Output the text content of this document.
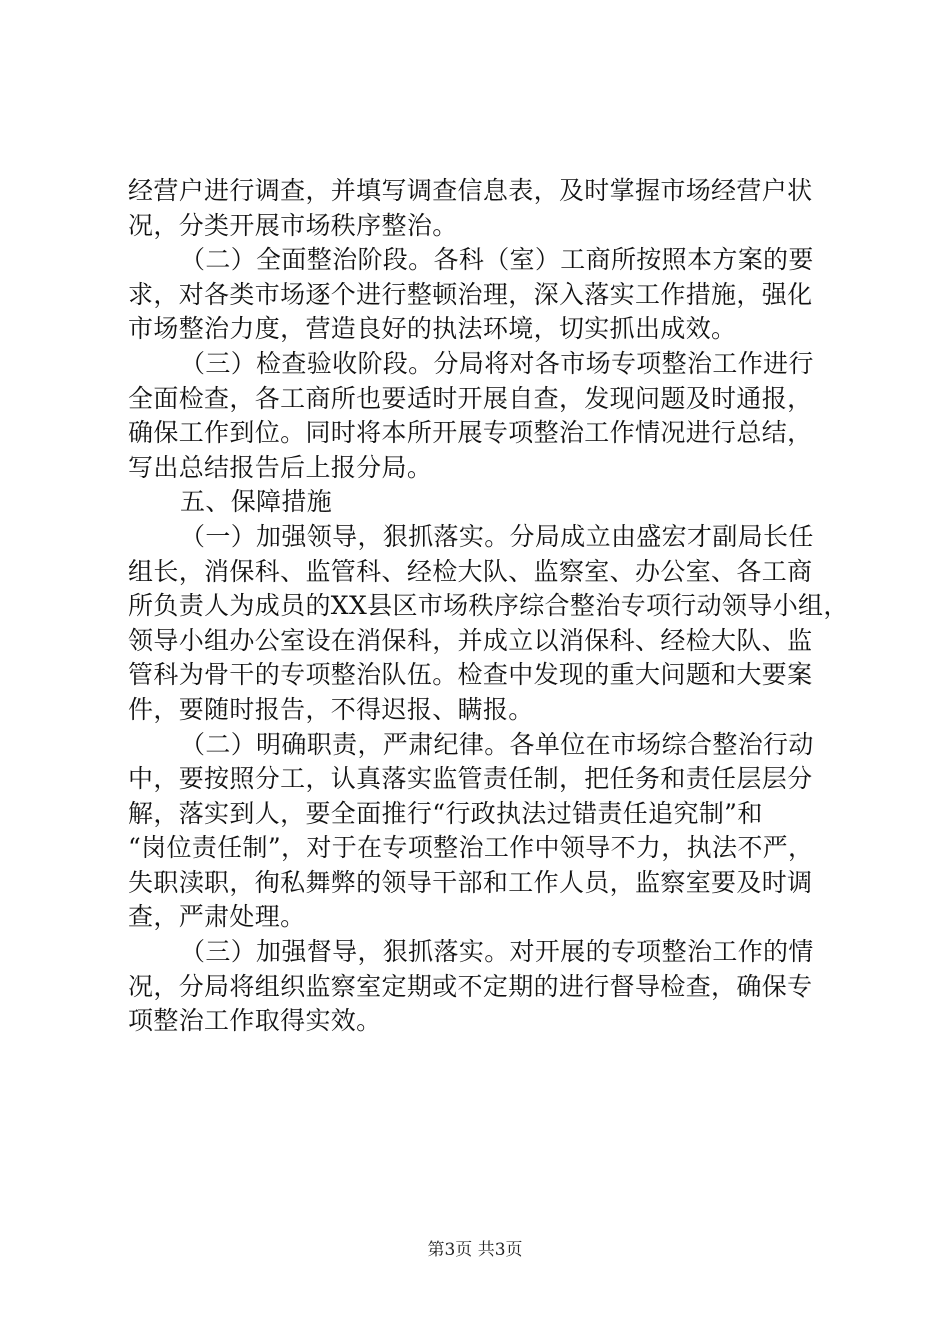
经营户进行调查，并填写调查信息表，及时掌握市场经营户状
况，分类开展市场秩序整治。
（二）全面整治阶段。各科（室）工商所按照本方案的要
求，对各类市场逐个进行整顿治理，深入落实工作措施，强化
市场整治力度，营造良好的执法环境，切实抓出成效。
（三）检查验收阶段。分局将对各市场专项整治工作进行
全面检查，各工商所也要适时开展自查，发现问题及时通报，
确保工作到位。同时将本所开展专项整治工作情况进行总结，
写出总结报告后上报分局。
五、保障措施
（一）加强领导，狠抓落实。分局成立由盛宏才副局长任
组长，消保科、监管科、经检大队、监察室、办公室、各工商
所负责人为成员的XX县区市场秩序综合整治专项行动领导小组，
领导小组办公室设在消保科，并成立以消保科、经检大队、监
管科为骨干的专项整治队伍。检查中发现的重大问题和大要案
件，要随时报告，不得迟报、瞒报。
（二）明确职责，严肃纪律。各单位在市场综合整治行动
中，要按照分工，认真落实监管责任制，把任务和责任层层分
解，落实到人，要全面推行“行政执法过错责任追究制”和
“岗位责任制”，对于在专项整治工作中领导不力，执法不严，
失职渎职，徇私舞弊的领导干部和工作人员，监察室要及时调
查，严肃处理。
（三）加强督导，狠抓落实。对开展的专项整治工作的情
况，分局将组织监察室定期或不定期的进行督导检查，确保专
项整治工作取得实效。
第3页 共3页
